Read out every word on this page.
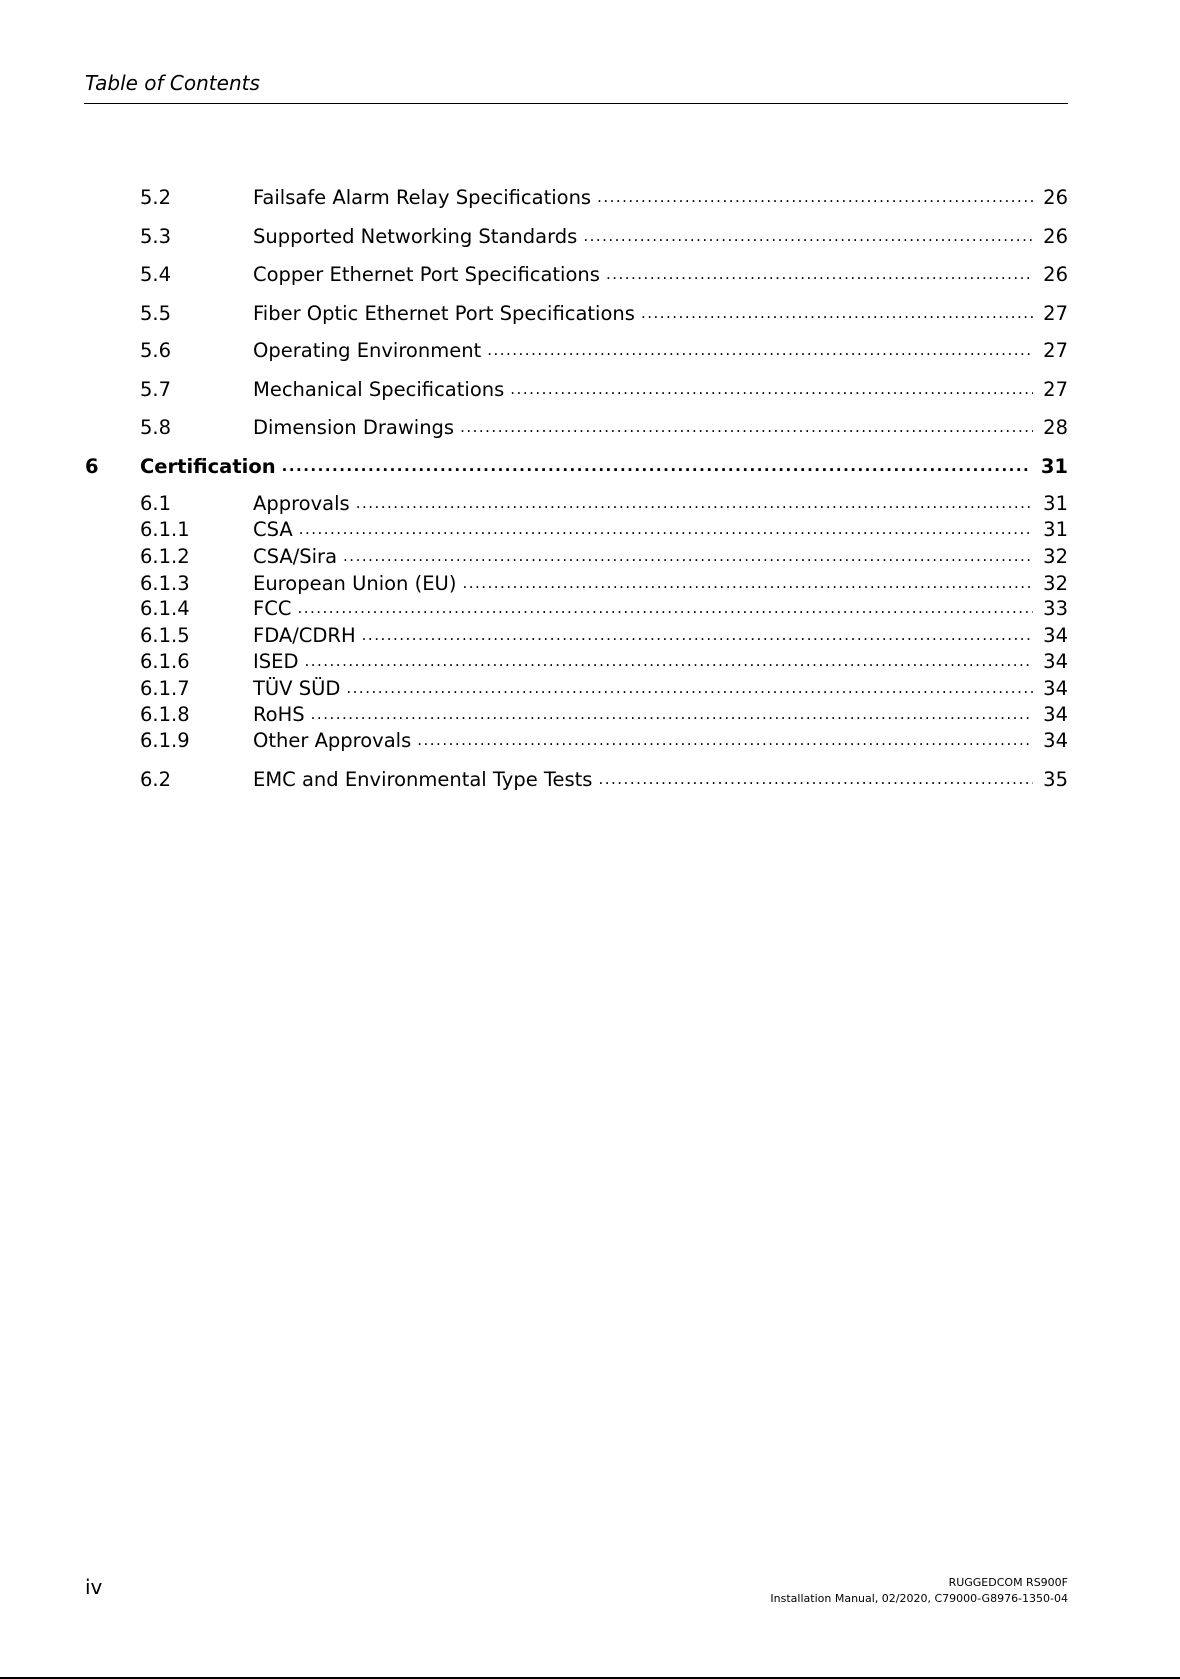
Table of Contents
5.2	Failsafe Alarm Relay Specifications .....	26
5.3	Supported Networking Standards .....	26
5.4	Copper Ethernet Port Specifications .....	26
5.5	Fiber Optic Ethernet Port Specifications .....	27
5.6	Operating Environment .....	27
5.7	Mechanical Specifications .....	27
5.8	Dimension Drawings .....	28
6	Certification .....	31
6.1	Approvals .....	31
6.1.1	CSA .....	31
6.1.2	CSA/Sira .....	32
6.1.3	European Union (EU) .....	32
6.1.4	FCC .....	33
6.1.5	FDA/CDRH .....	34
6.1.6	ISED .....	34
6.1.7	TÜV SÜD .....	34
6.1.8	RoHS .....	34
6.1.9	Other Approvals .....	34
6.2	EMC and Environmental Type Tests .....	35
iv	RUGGEDCOM RS900F
Installation Manual, 02/2020, C79000-G8976-1350-04
